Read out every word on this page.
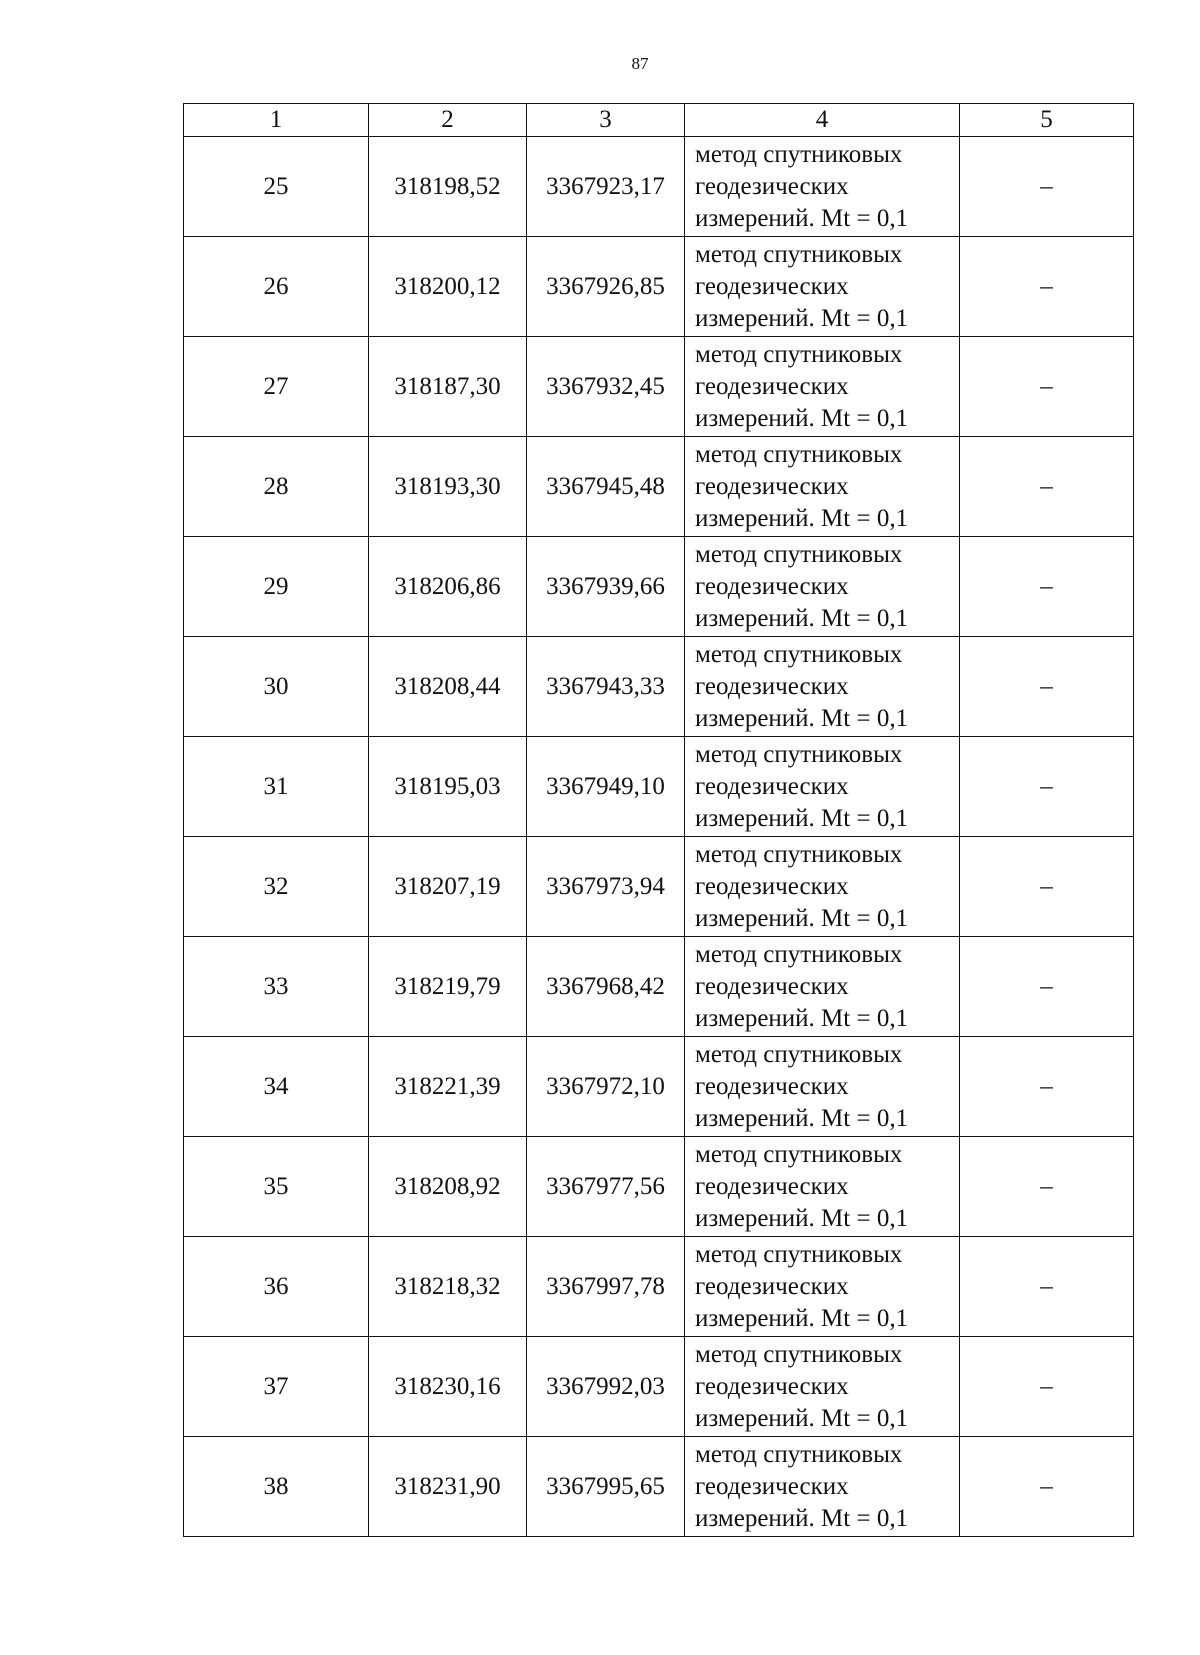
87
1	2	3	4	5
25	318198,52	3367923,17	метод спутниковых
геодезических
измерений. Mt = 0,1	–
26	318200,12	3367926,85	метод спутниковых
геодезических
измерений. Mt = 0,1	–
27	318187,30	3367932,45	метод спутниковых
геодезических
измерений. Mt = 0,1	–
28	318193,30	3367945,48	метод спутниковых
геодезических
измерений. Mt = 0,1	–
29	318206,86	3367939,66	метод спутниковых
геодезических
измерений. Mt = 0,1	–
30	318208,44	3367943,33	метод спутниковых
геодезических
измерений. Mt = 0,1	–
31	318195,03	3367949,10	метод спутниковых
геодезических
измерений. Mt = 0,1	–
32	318207,19	3367973,94	метод спутниковых
геодезических
измерений. Mt = 0,1	–
33	318219,79	3367968,42	метод спутниковых
геодезических
измерений. Mt = 0,1	–
34	318221,39	3367972,10	метод спутниковых
геодезических
измерений. Mt = 0,1	–
35	318208,92	3367977,56	метод спутниковых
геодезических
измерений. Mt = 0,1	–
36	318218,32	3367997,78	метод спутниковых
геодезических
измерений. Mt = 0,1	–
37	318230,16	3367992,03	метод спутниковых
геодезических
измерений. Mt = 0,1	–
38	318231,90	3367995,65	метод спутниковых
геодезических
измерений. Mt = 0,1	–
